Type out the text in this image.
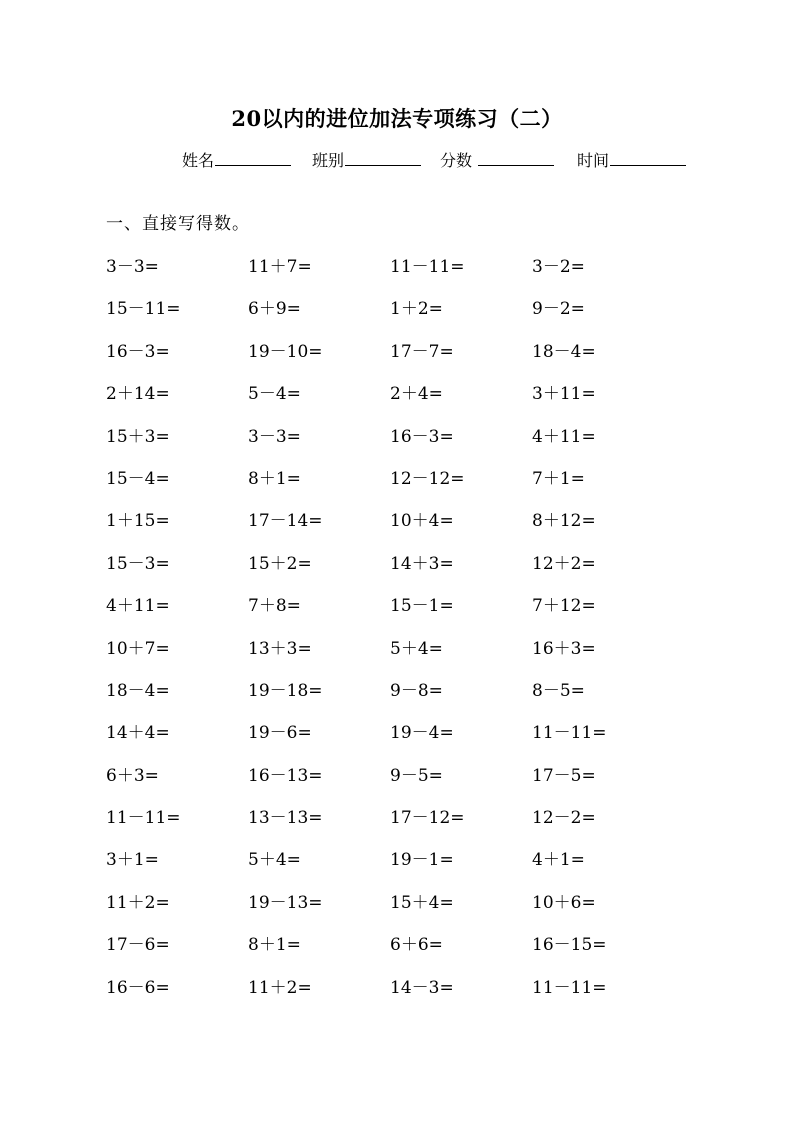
20以内的进位加法专项练习（二）
姓名	班别	分数	时间
一、直接写得数。
3－3=	11＋7=	11－11=	3－2=
15－11=	6＋9=	1＋2=	9－2=
16－3=	19－10=	17－7=	18－4=
2＋14=	5－4=	2＋4=	3＋11=
15＋3=	3－3=	16－3=	4＋11=
15－4=	8＋1=	12－12=	7＋1=
1＋15=	17－14=	10＋4=	8＋12=
15－3=	15＋2=	14＋3=	12＋2=
4＋11=	7＋8=	15－1=	7＋12=
10＋7=	13＋3=	5＋4=	16＋3=
18－4=	19－18=	9－8=	8－5=
14＋4=	19－6=	19－4=	11－11=
6＋3=	16－13=	9－5=	17－5=
11－11=	13－13=	17－12=	12－2=
3＋1=	5＋4=	19－1=	4＋1=
11＋2=	19－13=	15＋4=	10＋6=
17－6=	8＋1=	6＋6=	16－15=
16－6=	11＋2=	14－3=	11－11=
